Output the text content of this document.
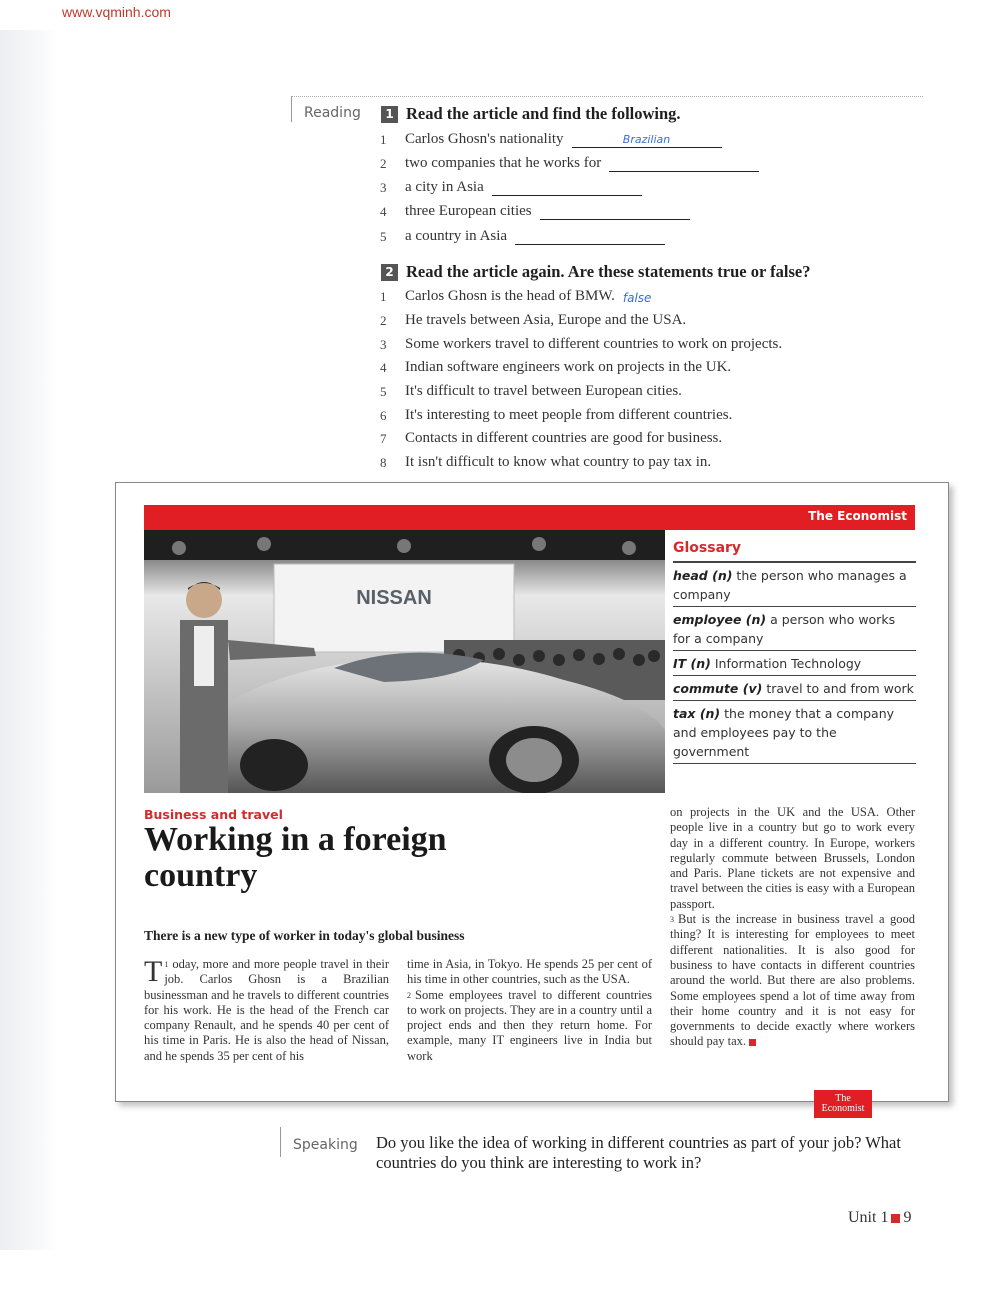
www.vqminh.com
Reading	1 Read the article and find the following.
1	Carlos Ghosn's nationality	Brazilian
2	two companies that he works for
3	a city in Asia
4	three European cities
5	a country in Asia
2 Read the article again. Are these statements true or false?
1	Carlos Ghosn is the head of BMW. false
2	He travels between Asia, Europe and the USA.
3	Some workers travel to different countries to work on projects.
4	Indian software engineers work on projects in the UK.
5	It's difficult to travel between European cities.
6	It's interesting to meet people from different countries.
7	Contacts in different countries are good for business.
8	It isn't difficult to know what country to pay tax in.
The Economist
NISSAN
Glossary
head (n) the person who manages a company
employee (n) a person who works for a company
IT (n) Information Technology
commute (v) travel to and from work
tax (n) the money that a company and employees pay to the government
Business and travel
Working in a foreign country
There is a new type of worker in today's global business
$^1$
T oday, more and more people travel in their job. Carlos Ghosn is a Brazilian businessman and he travels to different countries for his work. He is the head of the French car company Renault, and he spends 40 per cent of his time in Paris. He is also the head of Nissan, and he spends 35 per cent of his
time in Asia, in Tokyo. He spends 25 per cent of his time in other countries, such as the USA.
$^2$ Some employees travel to different countries to work on projects. They are in a country until a project ends and then they return home. For example, many IT engineers live in India but work
on projects in the UK and the USA. Other people live in a country but go to work every day in a different country. In Europe, workers regularly commute between Brussels, London and Paris. Plane tickets are not expensive and travel between the cities is easy with a European passport.
$^3$ But is the increase in business travel a good thing? It is interesting for employees to meet different nationalities. It is also good for business to have contacts in different countries around the world. But there are also problems. Some employees spend a lot of time away from their home country and it is not easy for governments to decide exactly where workers should pay tax.
The
Economist
Speaking Do you like the idea of working in different countries as part of your job? What countries do you think are interesting to work in?
Unit 1 9
